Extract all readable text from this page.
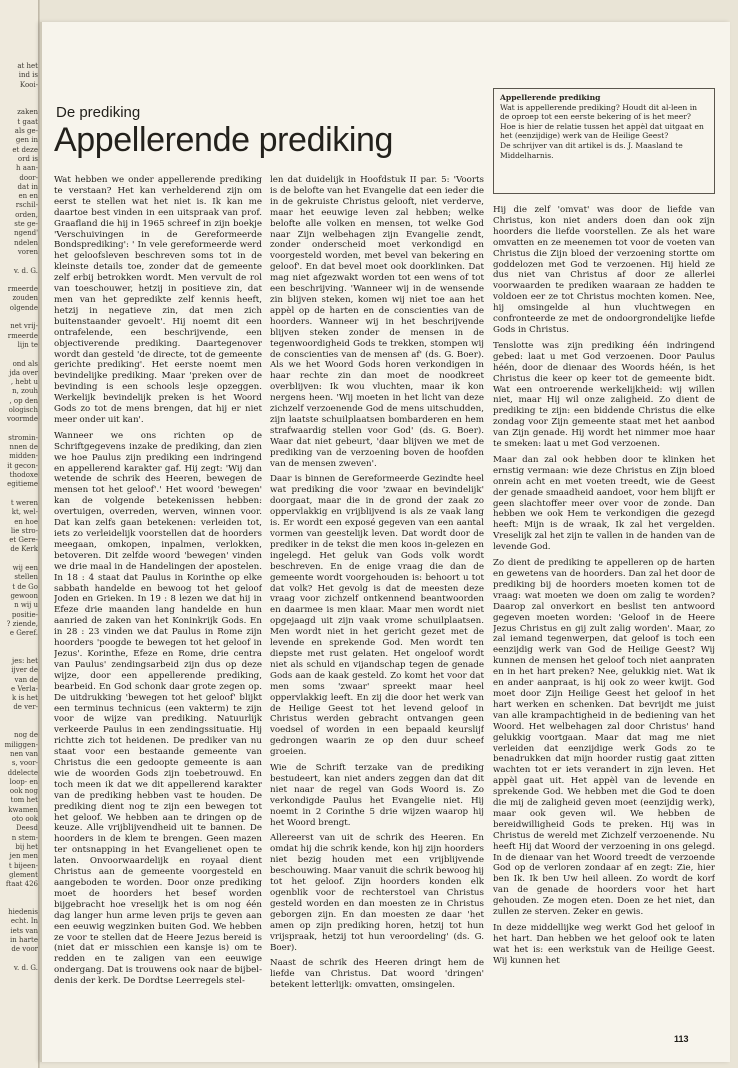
at het
ind is
Kooi-

zaken
t gaat
als ge-
gen in
et deze
ord is
h aan-
door-
dat in
en en
rschil-
orden,
ste ge-
ngend'
ndelen
voren

v. d. G.

rmeerde
zouden
olgende

net vrij-
rmeerde
lijn te

ond als
jda over
, hebt u
n, zouh
, op den
ologisch
voormde

stromin-
nnen de
midden-
it gecon-
thodoxe
egitieme

t weren
kt, wel-
en hoe
lie stro-
et Gere-
de Kerk

wij een
stellen
t de Go
gewoon
n wij u
positie-
? ziende,
e Geref.

jes: het
ijver de
van de
e Verla-
k is het
de ver-

nog de
miliggen-
nen van
s, voor-
ddelecte
loop- en
ook nog
tom het
kwamen
oto ook
Deesd
n stem-
bij het
jen men
t bijeen-
glement
ftaat 426

hiedenis
echt. In
iets van
in harte
de voor

v. d. G.
De prediking
Appellerende prediking

Appellerende prediking

Wat is appellerende prediking? Houdt dit al-leen in de oproep tot een eerste bekering of is het meer? Hoe is hier de relatie tussen het appèl dat uitgaat en het (eenzijdige) werk van de Heilige Geest?

De schrijver van dit artikel is ds. J. Maasland te Middelharnis.

Wat hebben we onder appellerende prediking te verstaan? Het kan verhelderend zijn om eerst te stellen wat het niet is. Ik kan me daartoe best vinden in een uitspraak van prof. Graafland die hij in 1965 schreef in zijn boekje 'Verschuivingen in de Gereformeerde Bondsprediking': ' In vele gereformeerde werd het geloofsleven beschreven soms tot in de kleinste details toe, zonder dat de gemeente zelf erbij betrokken wordt. Men vervult de rol van toeschouwer, hetzij in positieve zin, dat men van het gepredikte zelf kennis heeft, hetzij in negatieve zin, dat men zich buitenstaander gevoelt'. Hij noemt dit een ontrafelende, een beschrijvende, een objectiverende prediking. Daartegenover wordt dan gesteld 'de directe, tot de gemeente gerichte prediking'. Het eerste noemt men bevindelijke prediking. Maar 'preken over de bevinding is een schools lesje opzeggen. Werkelijk bevindelijk preken is het Woord Gods zo tot de mens brengen, dat hij er niet meer onder uit kan'.

Wanneer we ons richten op de Schriftgegevens inzake de prediking, dan zien we hoe Paulus zijn prediking een indringend en appellerend karakter gaf. Hij zegt: 'Wij dan wetende de schrik des Heeren, bewegen de mensen tot het geloof'.' Het woord 'bewegen' kan de volgende betekenissen hebben: overtuigen, overreden, werven, winnen voor. Dat kan zelfs gaan betekenen: verleiden tot, iets zo verleidelijk voorstellen dat de hoorders meegaan, omkopen, inpalmen, verlokken, betoveren. Dit zelfde woord 'bewegen' vinden we drie maal in de Handelingen der apostelen. In 18 : 4 staat dat Paulus in Korinthe op elke sabbath handelde en bewoog tot het geloof Joden en Grieken. In 19 : 8 lezen we dat hij in Efeze drie maanden lang handelde en hun aanried de zaken van het Koninkrijk Gods. En in 28 : 23 vinden we dat Paulus in Rome zijn hoorders 'poogde te bewegen tot het geloof in Jezus'. Korinthe, Efeze en Rome, drie centra van Paulus' zendingsarbeid zijn dus op deze wijze, door een appellerende prediking, bearbeid. En God schonk daar grote zegen op. De uitdrukking 'bewegen tot het geloof' blijkt een terminus technicus (een vakterm) te zijn voor de wijze van prediking. Natuurlijk verkeerde Paulus in een zendingssituatie. Hij richtte zich tot heidenen. De prediker van nu staat voor een bestaande gemeente van Christus die een gedoopte gemeente is aan wie de woorden Gods zijn toebetrouwd. En toch meen ik dat we dit appellerend karakter van de prediking hebben vast te houden. De prediking dient nog te zijn een bewegen tot het geloof. We hebben aan te dringen op de keuze. Alle vrijblijvendheid uit te bannen. De hoorders in de klem te brengen. Geen mazen ter ontsnapping in het Evangelienet open te laten. Onvoorwaardelijk en royaal dient Christus aan de gemeente voorgesteld en aangeboden te worden. Door onze prediking moet de hoorders het besef worden bijgebracht hoe vreselijk het is om nog één dag langer hun arme leven prijs te geven aan een eeuwig wegzinken buiten God. We hebben ze voor te stellen dat de Heere Jezus bereid is (niet dat er misschien een kansje is) om te redden en te zaligen van een eeuwige ondergang. Dat is trouwens ook naar de bijbeldenis der kerk. De Dordtse Leerregels stel-

len dat duidelijk in Hoofdstuk II par. 5: 'Voorts is de belofte van het Evangelie dat een ieder die in de gekruiste Christus gelooft, niet verderve, maar het eeuwige leven zal hebben; welke belofte alle volken en mensen, tot welke God naar Zijn welbehagen zijn Evangelie zendt, zonder onderscheid moet verkondigd en voorgesteld worden, met bevel van bekering en geloof'. En dat bevel moet ook doorklinken. Dat mag niet afgezwakt worden tot een wens of tot een beschrijving. 'Wanneer wij in de wensende zin blijven steken, komen wij niet toe aan het appèl op de harten en de conscienties van de hoorders. Wanneer wij in het beschrijvende blijven steken zonder de mensen in de tegenwoordigheid Gods te trekken, stompen wij de conscienties van de mensen af' (ds. G. Boer). Als we het Woord Gods horen verkondigen in haar rechte zin dan moet de noodkreet overblijven: Ik wou vluchten, maar ik kon nergens heen. 'Wij moeten in het licht van deze zichzelf verzoenende God de mens uitschudden, zijn laatste schuilplaatsen bombarderen en hem strafwaardig stellen voor God' (ds. G. Boer). Waar dat niet gebeurt, 'daar blijven we met de prediking van de verzoening boven de hoofden van de mensen zweven'.

Daar is binnen de Gereformeerde Gezindte heel wat prediking die voor 'zwaar en bevindelijk' doorgaat, maar die in de grond der zaak zo oppervlakkig en vrijblijvend is als ze vaak lang is. Er wordt een exposé gegeven van een aantal vormen van geestelijk leven. Dat wordt door de prediker in de tekst die men koos in-gelezen en ingelegd. Het geluk van Gods volk wordt beschreven. En de enige vraag die dan de gemeente wordt voorgehouden is: behoort u tot dat volk? Het gevolg is dat de meesten deze vraag voor zichzelf ontkennend beantwoorden en daarmee is men klaar. Maar men wordt niet opgejaagd uit zijn vaak vrome schuilplaatsen. Men wordt niet in het gericht gezet met de levende en sprekende God. Men wordt ten diepste met rust gelaten. Het ongeloof wordt niet als schuld en vijandschap tegen de genade Gods aan de kaak gesteld. Zo komt het voor dat men soms 'zwaar' spreekt maar heel oppervlakkig leeft. En zij die door het werk van de Heilige Geest tot het levend geloof in Christus werden gebracht ontvangen geen voedsel of worden in een bepaald keurslijf gedrongen waarin ze op den duur scheef groeien.

Wie de Schrift terzake van de prediking bestudeert, kan niet anders zeggen dan dat dit niet naar de regel van Gods Woord is. Zo verkondigde Paulus het Evangelie niet. Hij noemt in 2 Corinthe 5 drie wijzen waarop hij het Woord brengt.

Allereerst van uit de schrik des Heeren. En omdat hij die schrik kende, kon hij zijn hoorders niet bezig houden met een vrijblijvende beschouwing. Maar vanuit die schrik bewoog hij tot het geloof. Zijn hoorders konden elk ogenblik voor de rechterstoel van Christus gesteld worden en dan moesten ze in Christus geborgen zijn. En dan moesten ze daar 'het amen op zijn prediking horen, hetzij tot hun vrijspraak, hetzij tot hun veroordeling' (ds. G. Boer).

Naast de schrik des Heeren dringt hem de liefde van Christus. Dat woord 'dringen' betekent letterlijk: omvatten, omsingelen.

Hij die zelf 'omvat' was door de liefde van Christus, kon niet anders doen dan ook zijn hoorders die liefde voorstellen. Ze als het ware omvatten en ze meenemen tot voor de voeten van Christus die Zijn bloed der verzoening stortte om goddelozen met God te verzoenen. Hij hield ze dus niet van Christus af door ze allerlei voorwaarden te prediken waaraan ze hadden te voldoen eer ze tot Christus mochten komen. Nee, hij omsingelde al hun vluchtwegen en confronteerde ze met de ondoorgrondelijke liefde Gods in Christus.

Tenslotte was zijn prediking één indringend gebed: laat u met God verzoenen. Door Paulus héén, door de dienaar des Woords héén, is het Christus die keer op keer tot de gemeente bidt. Wat een ontroerende werkelijkheid: wij willen niet, maar Hij wil onze zaligheid. Zo dient de prediking te zijn: een biddende Christus die elke zondag voor Zijn gemeente staat met het aanbod van Zijn genade. Hij wordt het nimmer moe haar te smeken: laat u met God verzoenen.

Maar dan zal ook hebben door te klinken het ernstig vermaan: wie deze Christus en Zijn bloed onrein acht en met voeten treedt, wie de Geest der genade smaadheid aandoet, voor hem blijft er geen slachtoffer meer over voor de zonde. Dan hebben we ook Hem te verkondigen die gezegd heeft: Mijn is de wraak, Ik zal het vergelden. Vreselijk zal het zijn te vallen in de handen van de levende God.

Zo dient de prediking te appelleren op de harten en gewetens van de hoorders. Dan zal het door de prediking bij de hoorders moeten komen tot de vraag: wat moeten we doen om zalig te worden? Daarop zal onverkort en beslist ten antwoord gegeven moeten worden: 'Geloof in de Heere Jezus Christus en gij zult zalig worden'. Maar, zo zal iemand tegenwerpen, dat geloof is toch een eenzijdig werk van God de Heilige Geest? Wij kunnen de mensen het geloof toch niet aanpraten en in het hart preken? Nee, gelukkig niet. Wat ik en ander aanpraat, is hij ook zo weer kwijt. God moet door Zijn Heilige Geest het geloof in het hart werken en schenken. Dat bevrijdt me juist van alle krampachtigheid in de bediening van het Woord. Het welbehagen zal door Christus' hand gelukkig voortgaan. Maar dat mag me niet verleiden dat eenzijdige werk Gods zo te benadrukken dat mijn hoorder rustig gaat zitten wachten tot er iets verandert in zijn leven. Het appèl gaat uit. Het appèl van de levende en sprekende God. We hebben met die God te doen die mij de zaligheid geven moet (eenzijdig werk), maar ook geven wil. We hebben de bereidwilligheid Gods te preken. Hij was in Christus de wereld met Zichzelf verzoenende. Nu heeft Hij dat Woord der verzoening in ons gelegd. In de dienaar van het Woord treedt de verzoende God op de verloren zondaar af en zegt: Zie, hier ben Ik. Ik ben Uw heil alleen. Zo wordt de korf van de genade de hoorders voor het hart gehouden. Ze mogen eten. Doen ze het niet, dan zullen ze sterven. Zeker en gewis.

In deze middellijke weg werkt God het geloof in het hart. Dan hebben we het geloof ook te laten wat het is: een werkstuk van de Heilige Geest. Wij kunnen het

113
